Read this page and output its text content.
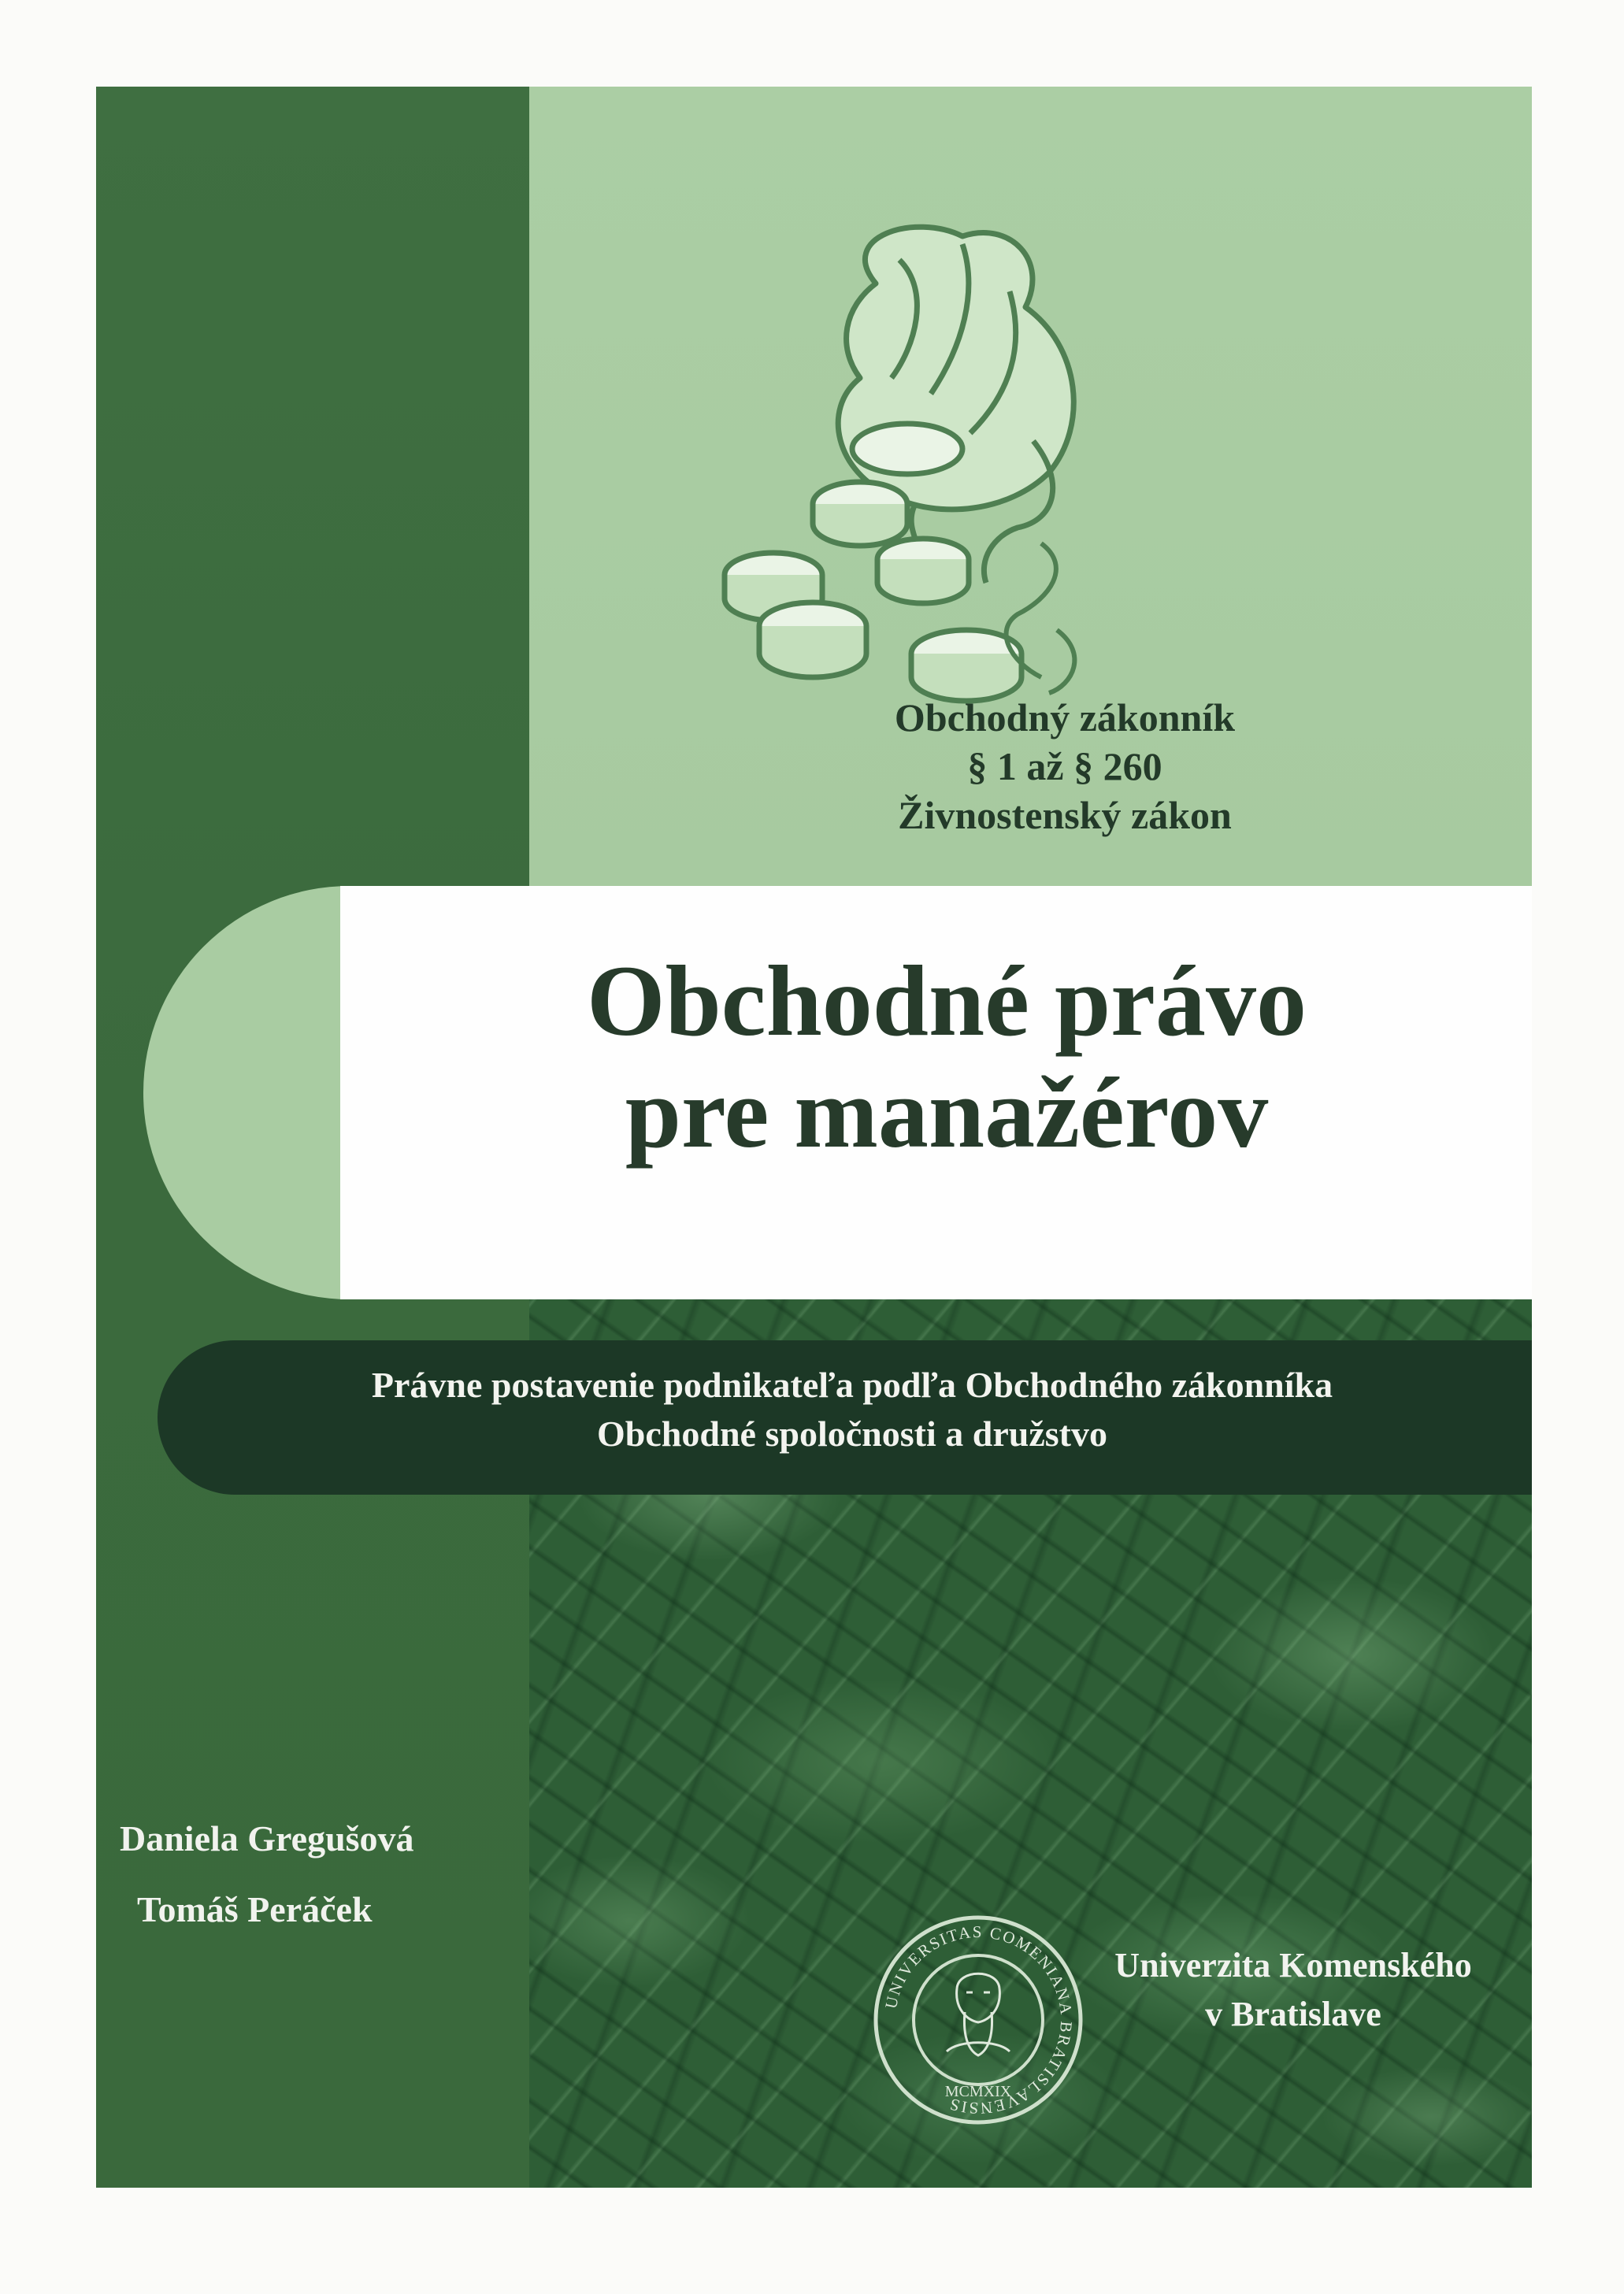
Obchodný zákonník
§ 1 až § 260
Živnostenský zákon
Obchodné právo
pre manažérov
Právne postavenie podnikateľa podľa Obchodného zákonníka
Obchodné spoločnosti a družstvo
Daniela Gregušová
Tomáš Peráček
UNIVERSITAS COMENIANA BRATISLAVENSIS
MCMXIX
Univerzita Komenského
v Bratislave
